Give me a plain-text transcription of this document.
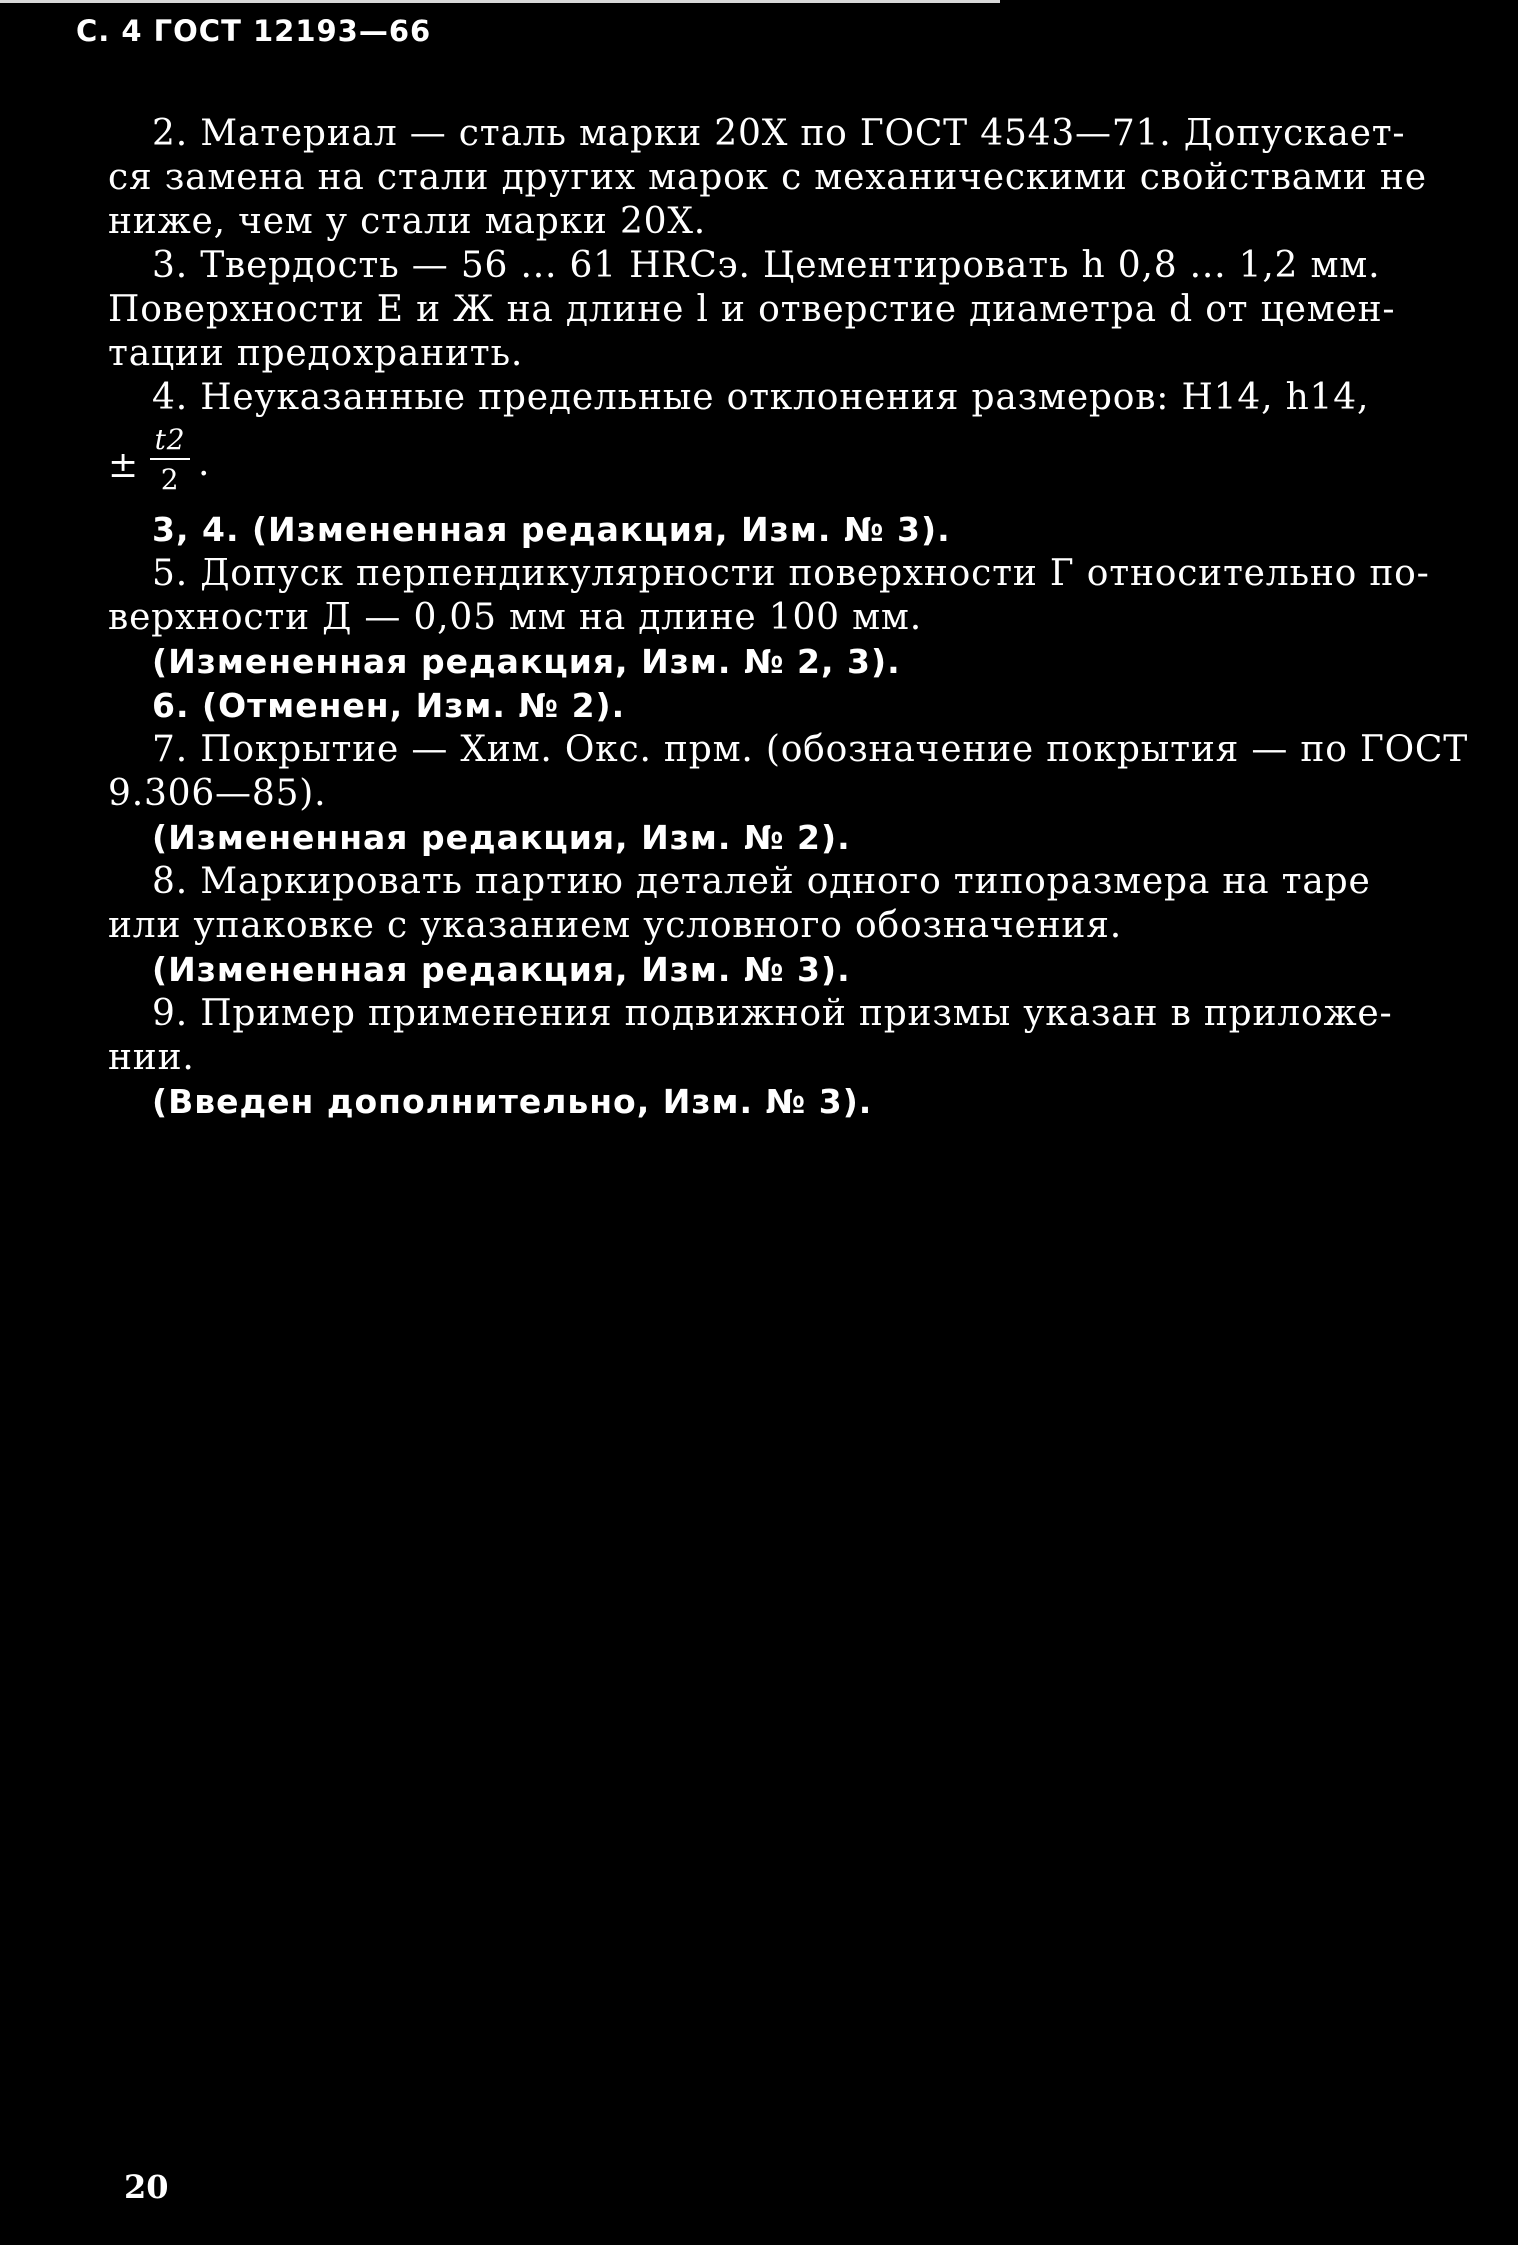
С. 4 ГОСТ 12193—66

2. Материал — сталь марки 20Х по ГОСТ 4543—71. Допускает-

ся замена на стали других марок с механическими свойствами не

ниже, чем у стали марки 20Х.

3. Твердость — 56 ... 61 HRCэ. Цементировать h 0,8 ... 1,2 мм.

Поверхности Е и Ж на длине l и отверстие диаметра d от цемен-

тации предохранить.

4. Неуказанные предельные отклонения размеров: Н14, h14,

± $\frac{t2}{2}$ .

3, 4. (Измененная редакция, Изм. № 3).

5. Допуск перпендикулярности поверхности Г относительно по-

верхности Д — 0,05 мм на длине 100 мм.

(Измененная редакция, Изм. № 2, 3).

6. (Отменен, Изм. № 2).

7. Покрытие — Хим. Окс. прм. (обозначение покрытия — по ГОСТ

9.306—85).

(Измененная редакция, Изм. № 2).

8. Маркировать партию деталей одного типоразмера на таре

или упаковке с указанием условного обозначения.

(Измененная редакция, Изм. № 3).

9. Пример применения подвижной призмы указан в приложе-

нии.

(Введен дополнительно, Изм. № 3).

20
